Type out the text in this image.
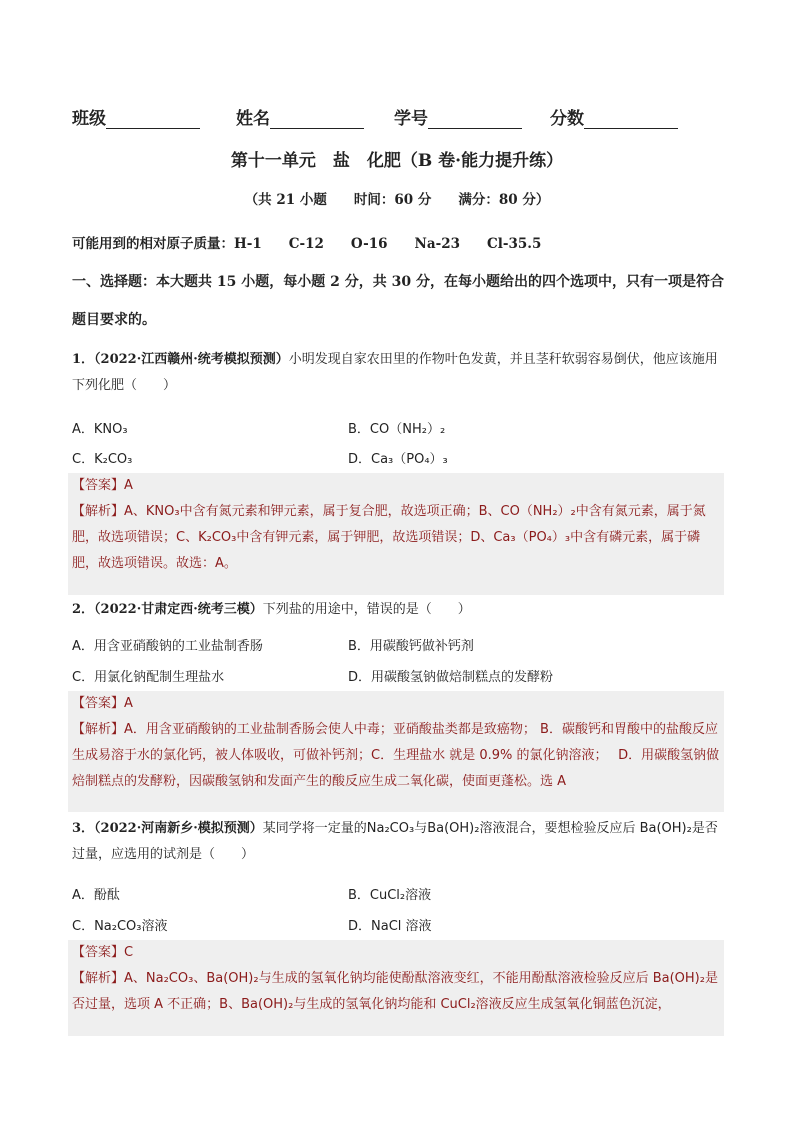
班级	姓名	学号	分数
第十一单元　盐　化肥（B 卷·能力提升练）
（共 21 小题　　时间：60 分　　满分：80 分）
可能用到的相对原子质量：H-1　　C-12　　O-16　　Na-23　　Cl-35.5
一、选择题：本大题共 15 小题，每小题 2 分，共 30 分，在每小题给出的四个选项中，只有一项是符合题目要求的。
1．（2022·江西赣州·统考模拟预测）小明发现自家农田里的作物叶色发黄，并且茎秆软弱容易倒伏，他应该施用下列化肥（　　）
A．KNO₃	B．CO（NH₂）₂
C．K₂CO₃	D．Ca₃（PO₄）₃
【答案】A
【解析】A、KNO₃中含有氮元素和钾元素，属于复合肥，故选项正确；B、CO（NH₂）₂中含有氮元素，属于氮肥，故选项错误；C、K₂CO₃中含有钾元素，属于钾肥，故选项错误；D、Ca₃（PO₄）₃中含有磷元素，属于磷肥，故选项错误。故选：A。
2．（2022·甘肃定西·统考三模）下列盐的用途中，错误的是（　　）
A．用含亚硝酸钠的工业盐制香肠	B．用碳酸钙做补钙剂
C．用氯化钠配制生理盐水	D．用碳酸氢钠做焙制糕点的发酵粉
【答案】A
【解析】A．用含亚硝酸钠的工业盐制香肠会使人中毒；亚硝酸盐类都是致癌物； B．碳酸钙和胃酸中的盐酸反应生成易溶于水的氯化钙，被人体吸收，可做补钙剂；C．生理盐水 就是 0.9% 的氯化钠溶液；　 D．用碳酸氢钠做焙制糕点的发酵粉，因碳酸氢钠和发面产生的酸反应生成二氧化碳，使面更蓬松。选 A
3．（2022·河南新乡·模拟预测）某同学将一定量的Na₂CO₃与Ba(OH)₂溶液混合，要想检验反应后 Ba(OH)₂是否过量，应选用的试剂是（　　）
A．酚酞	B．CuCl₂溶液
C．Na₂CO₃溶液	D．NaCl 溶液
【答案】C
【解析】A、Na₂CO₃、Ba(OH)₂与生成的氢氧化钠均能使酚酞溶液变红，不能用酚酞溶液检验反应后 Ba(OH)₂是否过量，选项 A 不正确；B、Ba(OH)₂与生成的氢氧化钠均能和 CuCl₂溶液反应生成氢氧化铜蓝色沉淀，
